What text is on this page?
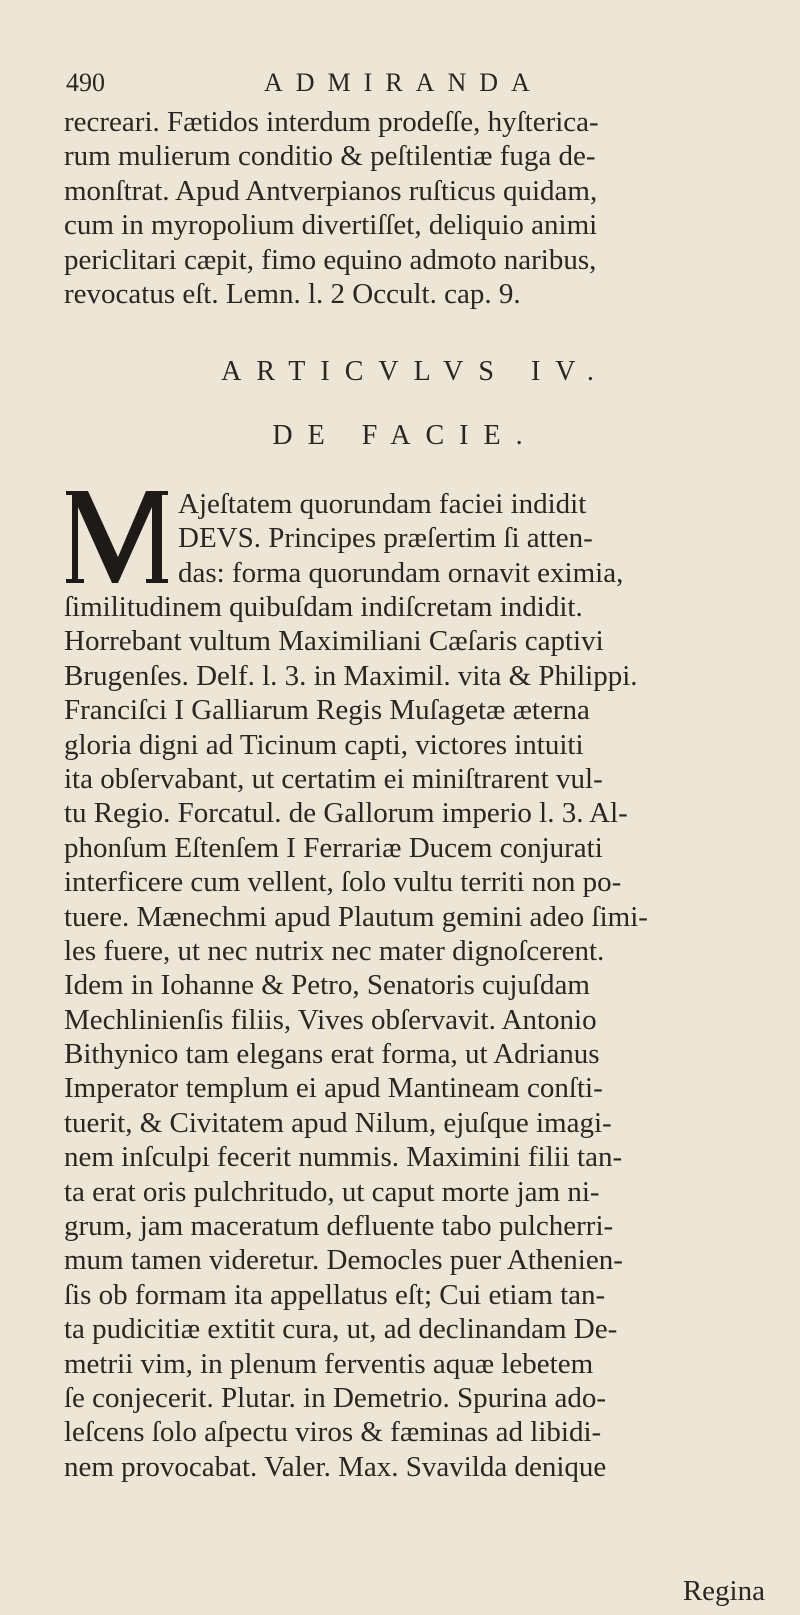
490	ADMIRANDA
recreari. Fætidos interdum prodeſſe, hyſterica-
rum mulierum conditio & peſtilentiæ fuga de-
monſtrat. Apud Antverpianos ruſticus quidam,
cum in myropolium divertiſſet, deliquio animi
periclitari cæpit, fimo equino admoto naribus,
revocatus eſt. Lemn. l. 2 Occult. cap. 9.
ARTICVLVS IV.
DE FACIE.
Ajeſtatem quorundam faciei indidit
DEVS. Principes præſertim ſi atten-
das: forma quorundam ornavit eximia,
ſimilitudinem quibuſdam indiſcretam indidit.
Horrebant vultum Maximiliani Cæſaris captivi
Brugenſes. Delf. l. 3. in Maximil. vita & Philippi.
Franciſci I Galliarum Regis Muſagetæ æterna
gloria digni ad Ticinum capti, victores intuiti
ita obſervabant, ut certatim ei miniſtrarent vul-
tu Regio. Forcatul. de Gallorum imperio l. 3. Al-
phonſum Eſtenſem I Ferrariæ Ducem conjurati
interficere cum vellent, ſolo vultu territi non po-
tuere. Mænechmi apud Plautum gemini adeo ſimi-
les fuere, ut nec nutrix nec mater dignoſcerent.
Idem in Iohanne & Petro, Senatoris cujuſdam
Mechlinienſis filiis, Vives obſervavit. Antonio
Bithynico tam elegans erat forma, ut Adrianus
Imperator templum ei apud Mantineam conſti-
tuerit, & Civitatem apud Nilum, ejuſque imagi-
nem inſculpi fecerit nummis. Maximini filii tan-
ta erat oris pulchritudo, ut caput morte jam ni-
grum, jam maceratum defluente tabo pulcherri-
mum tamen videretur. Democles puer Athenien-
ſis ob formam ita appellatus eſt; Cui etiam tan-
ta pudicitiæ extitit cura, ut, ad declinandam De-
metrii vim, in plenum ferventis aquæ lebetem
ſe conjecerit. Plutar. in Demetrio. Spurina ado-
leſcens ſolo aſpectu viros & fæminas ad libidi-
nem provocabat. Valer. Max. Svavilda denique
Regina
